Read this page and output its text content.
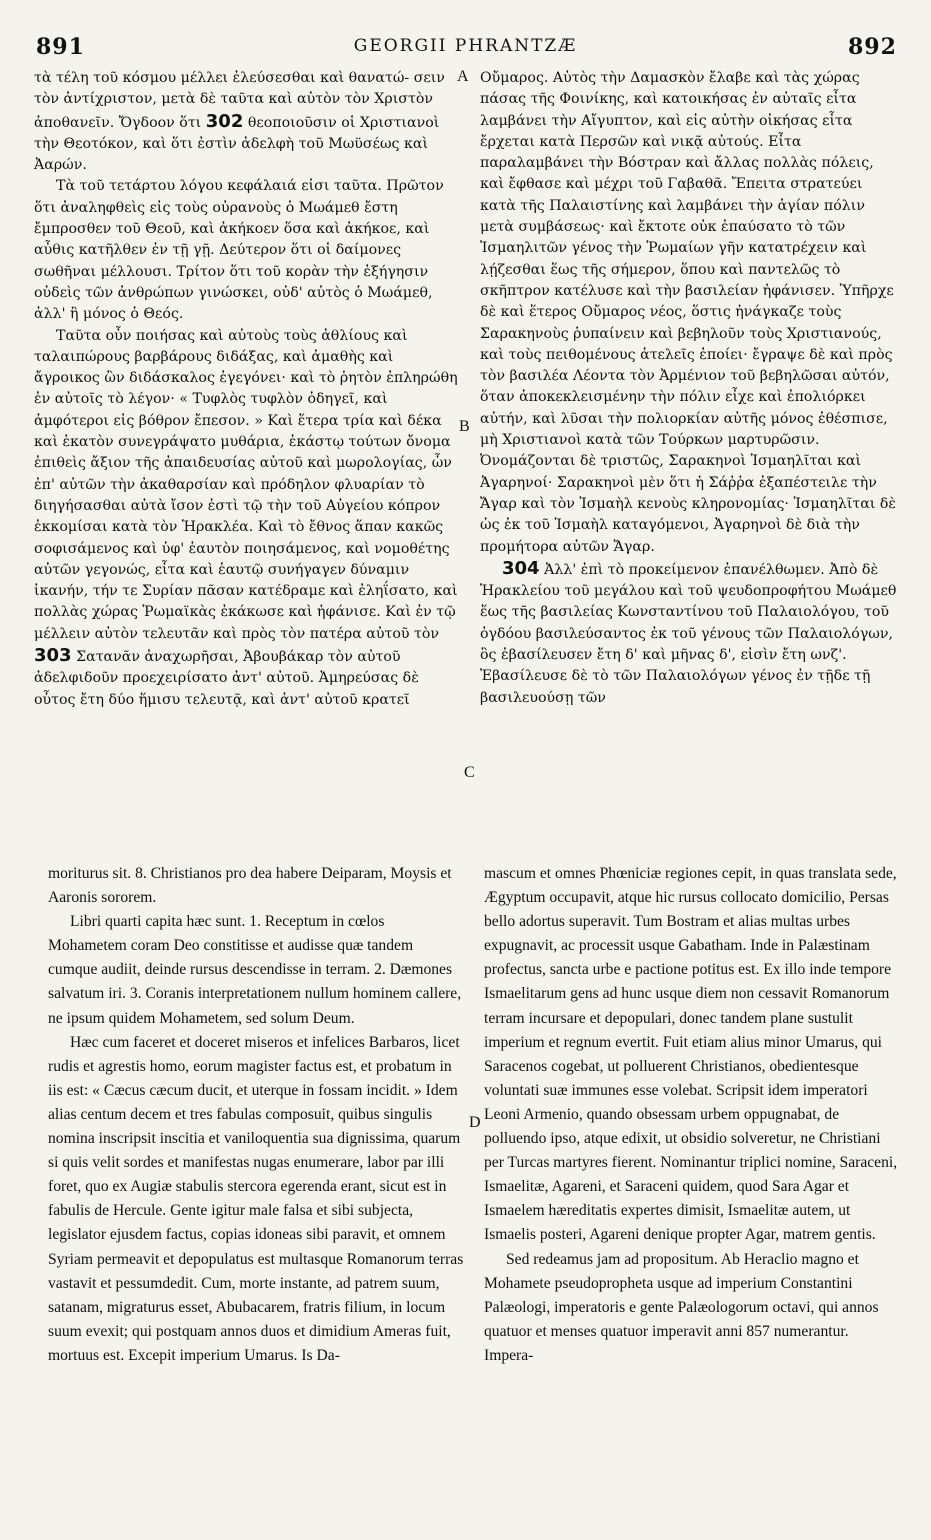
891	GEORGII PHRANTZÆ	892
A
B
C
D

τὰ τέλη τοῦ κόσμου μέλλει ἐλεύσεσθαι καὶ θανατώ- σειν τὸν ἀντίχριστον, μετὰ δὲ ταῦτα καὶ αὐτὸν τὸν Χριστὸν ἀποθανεῖν. Ὄγδοον ὅτι 302 θεοποιοῦσιν οἱ Χριστιανοὶ τὴν Θεοτόκον, καὶ ὅτι ἐστὶν ἀδελφὴ τοῦ Μωϋσέως καὶ Ἀαρών.

Τὰ τοῦ τετάρτου λόγου κεφάλαιά εἰσι ταῦτα. Πρῶτον ὅτι ἀναληφθεὶς εἰς τοὺς οὐρανοὺς ὁ Μωάμεθ ἔστη ἔμπροσθεν τοῦ Θεοῦ, καὶ ἀκήκοεν ὅσα καὶ ἀκήκοε, καὶ αὖθις κατῆλθεν ἐν τῇ γῇ. Δεύτερον ὅτι οἱ δαίμονες σωθῆναι μέλλουσι. Τρίτον ὅτι τοῦ κορὰν τὴν ἐξήγησιν οὐδεὶς τῶν ἀνθρώπων γινώσκει, οὐδ' αὐτὸς ὁ Μωάμεθ, ἀλλ' ἢ μόνος ὁ Θεός.

Ταῦτα οὖν ποιήσας καὶ αὐτοὺς τοὺς ἀθλίους καὶ ταλαιπώρους βαρβάρους διδάξας, καὶ ἀμαθὴς καὶ ἄγροικος ὢν διδάσκαλος ἐγεγόνει· καὶ τὸ ῥητὸν ἐπληρώθη ἐν αὐτοῖς τὸ λέγον· « Τυφλὸς τυφλὸν ὁδηγεῖ, καὶ ἀμφότεροι εἰς βόθρον ἔπεσον. » Καὶ ἕτερα τρία καὶ δέκα καὶ ἑκατὸν συνεγράψατο μυθάρια, ἑκάστῳ τούτων ὄνομα ἐπιθεὶς ἄξιον τῆς ἀπαιδευσίας αὐτοῦ καὶ μωρολογίας, ὧν ἐπ' αὐτῶν τὴν ἀκαθαρσίαν καὶ πρόδηλον φλυαρίαν τὸ διηγήσασθαι αὐτὰ ἴσον ἐστὶ τῷ τὴν τοῦ Αὐγείου κόπρον ἐκκομίσαι κατὰ τὸν Ἡρακλέα. Καὶ τὸ ἔθνος ἅπαν κακῶς σοφισάμενος καὶ ὑφ' ἑαυτὸν ποιησάμενος, καὶ νομοθέτης αὐτῶν γεγονώς, εἶτα καὶ ἑαυτῷ συνήγαγεν δύναμιν ἱκανήν, τήν τε Συρίαν πᾶσαν κατέδραμε καὶ ἐληΐσατο, καὶ πολλὰς χώρας Ῥωμαϊκὰς ἐκάκωσε καὶ ἠφάνισε. Καὶ ἐν τῷ μέλλειν αὐτὸν τελευτᾶν καὶ πρὸς τὸν πατέρα αὐτοῦ τὸν 303 Σατανᾶν ἀναχωρῆσαι, Ἀβουβάκαρ τὸν αὐτοῦ ἀδελφιδοῦν προεχειρίσατο ἀντ' αὐτοῦ. Ἀμηρεύσας δὲ οὗτος ἔτη δύο ἥμισυ τελευτᾷ, καὶ ἀντ' αὐτοῦ κρατεῖ

Οὔμαρος. Αὐτὸς τὴν Δαμασκὸν ἔλαβε καὶ τὰς χώρας πάσας τῆς Φοινίκης, καὶ κατοικήσας ἐν αὐταῖς εἶτα λαμβάνει τὴν Αἴγυπτον, καὶ εἰς αὐτὴν οἰκήσας εἶτα ἔρχεται κατὰ Περσῶν καὶ νικᾷ αὐτούς. Εἶτα παραλαμβάνει τὴν Βόστραν καὶ ἄλλας πολλὰς πόλεις, καὶ ἔφθασε καὶ μέχρι τοῦ Γαβαθᾶ. Ἔπειτα στρατεύει κατὰ τῆς Παλαιστίνης καὶ λαμβάνει τὴν ἁγίαν πόλιν μετὰ συμβάσεως· καὶ ἔκτοτε οὐκ ἐπαύσατο τὸ τῶν Ἰσμαηλιτῶν γένος τὴν Ῥωμαίων γῆν κατατρέχειν καὶ λῄζεσθαι ἕως τῆς σήμερον, ὅπου καὶ παντελῶς τὸ σκῆπτρον κατέλυσε καὶ τὴν βασιλείαν ἠφάνισεν. Ὑπῆρχε δὲ καὶ ἕτερος Οὔμαρος νέος, ὅστις ἠνάγκαζε τοὺς Σαρακηνοὺς ῥυπαίνειν καὶ βεβηλοῦν τοὺς Χριστιανούς, καὶ τοὺς πειθομένους ἀτελεῖς ἐποίει· ἔγραψε δὲ καὶ πρὸς τὸν βασιλέα Λέοντα τὸν Ἀρμένιον τοῦ βεβηλῶσαι αὐτόν, ὅταν ἀποκεκλεισμένην τὴν πόλιν εἶχε καὶ ἐπολιόρκει αὐτήν, καὶ λῦσαι τὴν πολιορκίαν αὐτῆς μόνος ἐθέσπισε, μὴ Χριστιανοὶ κατὰ τῶν Τούρκων μαρτυρῶσιν. Ὀνομάζονται δὲ τριστῶς, Σαρακηνοὶ Ἰσμαηλῖται καὶ Ἀγαρηνοί· Σαρακηνοὶ μὲν ὅτι ἡ Σάῤῥα ἐξαπέστειλε τὴν Ἄγαρ καὶ τὸν Ἰσμαὴλ κενοὺς κληρονομίας· Ἰσμαηλῖται δὲ ὡς ἐκ τοῦ Ἰσμαὴλ καταγόμενοι, Ἀγαρηνοὶ δὲ διὰ τὴν προμήτορα αὐτῶν Ἄγαρ.

304 Ἀλλ' ἐπὶ τὸ προκείμενον ἐπανέλθωμεν. Ἀπὸ δὲ Ἡρακλείου τοῦ μεγάλου καὶ τοῦ ψευδοπροφήτου Μωάμεθ ἕως τῆς βασιλείας Κωνσταντίνου τοῦ Παλαιολόγου, τοῦ ὀγδόου βασιλεύσαντος ἐκ τοῦ γένους τῶν Παλαιολόγων, ὃς ἐβασίλευσεν ἔτη δ' καὶ μῆνας δ', εἰσὶν ἔτη ωνζ'. Ἐβασίλευσε δὲ τὸ τῶν Παλαιολόγων γένος ἐν τῇδε τῇ βασιλευούσῃ τῶν

moriturus sit. 8. Christianos pro dea habere Deiparam, Moysis et Aaronis sororem.

Libri quarti capita hæc sunt. 1. Receptum in cœlos Mohametem coram Deo constitisse et audisse quæ tandem cumque audiit, deinde rursus descendisse in terram. 2. Dæmones salvatum iri. 3. Coranis interpretationem nullum hominem callere, ne ipsum quidem Mohametem, sed solum Deum.

Hæc cum faceret et doceret miseros et infelices Barbaros, licet rudis et agrestis homo, eorum magister factus est, et probatum in iis est: « Cæcus cæcum ducit, et uterque in fossam incidit. » Idem alias centum decem et tres fabulas composuit, quibus singulis nomina inscripsit inscitia et vaniloquentia sua dignissima, quarum si quis velit sordes et manifestas nugas enumerare, labor par illi foret, quo ex Augiæ stabulis stercora egerenda erant, sicut est in fabulis de Hercule. Gente igitur male falsa et sibi subjecta, legislator ejusdem factus, copias idoneas sibi paravit, et omnem Syriam permeavit et depopulatus est multasque Romanorum terras vastavit et pessumdedit. Cum, morte instante, ad patrem suum, satanam, migraturus esset, Abubacarem, fratris filium, in locum suum evexit; qui postquam annos duos et dimidium Ameras fuit, mortuus est. Excepit imperium Umarus. Is Da-

mascum et omnes Phœniciæ regiones cepit, in quas translata sede, Ægyptum occupavit, atque hic rursus collocato domicilio, Persas bello adortus superavit. Tum Bostram et alias multas urbes expugnavit, ac processit usque Gabatham. Inde in Palæstinam profectus, sancta urbe e pactione potitus est. Ex illo inde tempore Ismaelitarum gens ad hunc usque diem non cessavit Romanorum terram incursare et depopulari, donec tandem plane sustulit imperium et regnum evertit. Fuit etiam alius minor Umarus, qui Saracenos cogebat, ut polluerent Christianos, obedientesque voluntati suæ immunes esse volebat. Scripsit idem imperatori Leoni Armenio, quando obsessam urbem oppugnabat, de polluendo ipso, atque edixit, ut obsidio solveretur, ne Christiani per Turcas martyres fierent. Nominantur triplici nomine, Saraceni, Ismaelitæ, Agareni, et Saraceni quidem, quod Sara Agar et Ismaelem hæreditatis expertes dimisit, Ismaelitæ autem, ut Ismaelis posteri, Agareni denique propter Agar, matrem gentis.

Sed redeamus jam ad propositum. Ab Heraclio magno et Mohamete pseudopropheta usque ad imperium Constantini Palæologi, imperatoris e gente Palæologorum octavi, qui annos quatuor et menses quatuor imperavit anni 857 numerantur. Impera-
